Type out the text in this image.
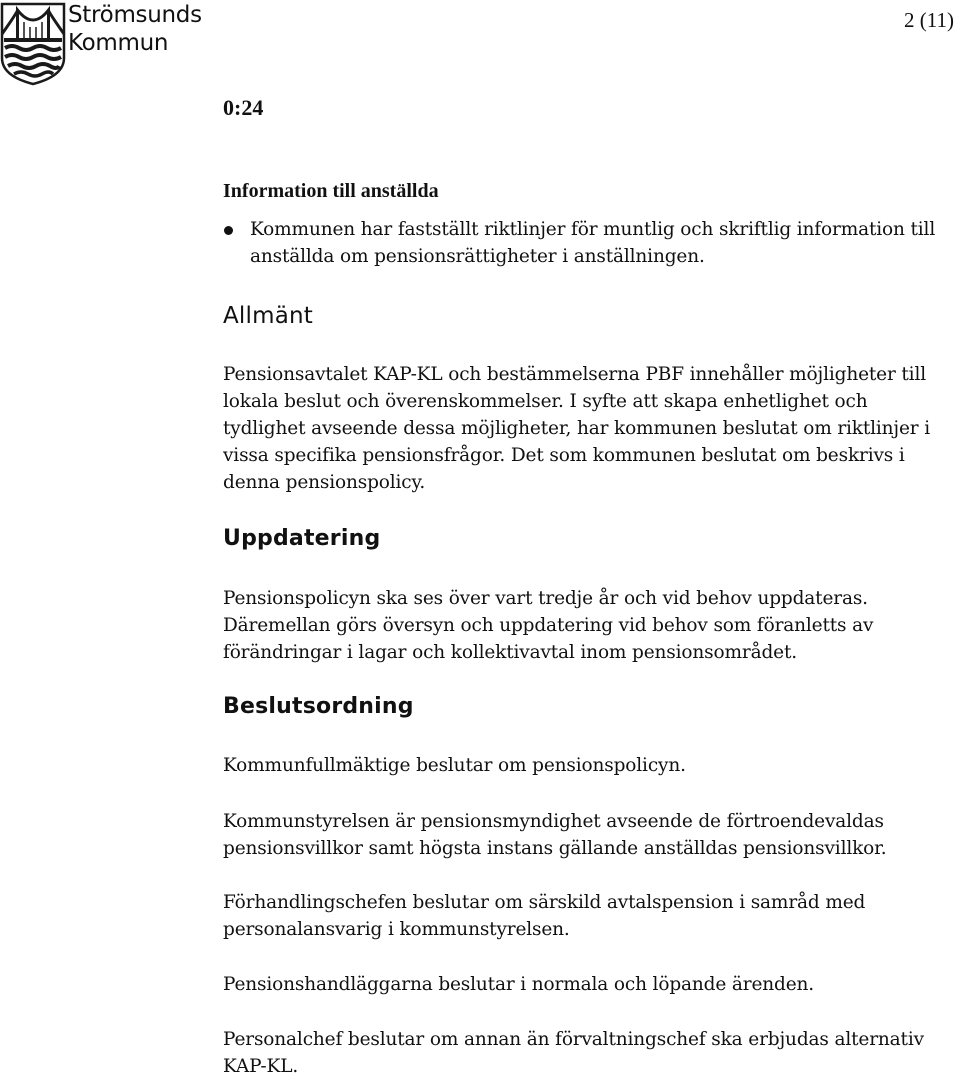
Strömsunds
Kommun
2 (11)
0:24
Information till anställda
Kommunen har fastställt riktlinjer för muntlig och skriftlig information till anställda om pensionsrättigheter i anställningen.
Allmänt

Pensionsavtalet KAP-KL och bestämmelserna PBF innehåller möjligheter till lokala beslut och överenskommelser. I syfte att skapa enhetlighet och tydlighet avseende dessa möjligheter, har kommunen beslutat om riktlinjer i vissa specifika pensionsfrågor. Det som kommunen beslutat om beskrivs i denna pensionspolicy.

Uppdatering

Pensionspolicyn ska ses över vart tredje år och vid behov uppdateras. Däremellan görs översyn och uppdatering vid behov som föranletts av förändringar i lagar och kollektivavtal inom pensionsområdet.

Beslutsordning

Kommunfullmäktige beslutar om pensionspolicyn.

Kommunstyrelsen är pensionsmyndighet avseende de förtroendevaldas pensionsvillkor samt högsta instans gällande anställdas pensionsvillkor.

Förhandlingschefen beslutar om särskild avtalspension i samråd med personalansvarig i kommunstyrelsen.

Pensionshandläggarna beslutar i normala och löpande ärenden.

Personalchef beslutar om annan än förvaltningschef ska erbjudas alternativ KAP-KL.
